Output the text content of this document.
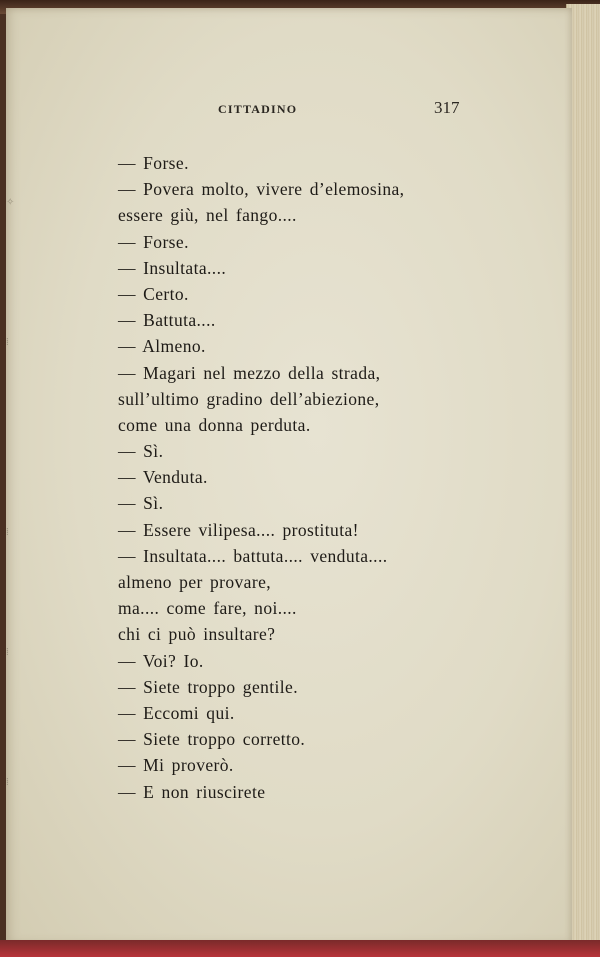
✧
⁞
⁞
⁞
⁞
CITTADINO	317
— Forse.
— Povera molto, vivere d’elemosina,
essere giù, nel fango....
— Forse.
— Insultata....
— Certo.
— Battuta....
— Almeno.
— Magari nel mezzo della strada,
sull’ultimo gradino dell’abiezione,
come una donna perduta.
— Sì.
— Venduta.
— Sì.
— Essere vilipesa.... prostituta!
— Insultata.... battuta.... venduta....
almeno per provare,
ma.... come fare, noi....
chi ci può insultare?
— Voi? Io.
— Siete troppo gentile.
— Eccomi qui.
— Siete troppo corretto.
— Mi proverò.
— E non riuscirete
